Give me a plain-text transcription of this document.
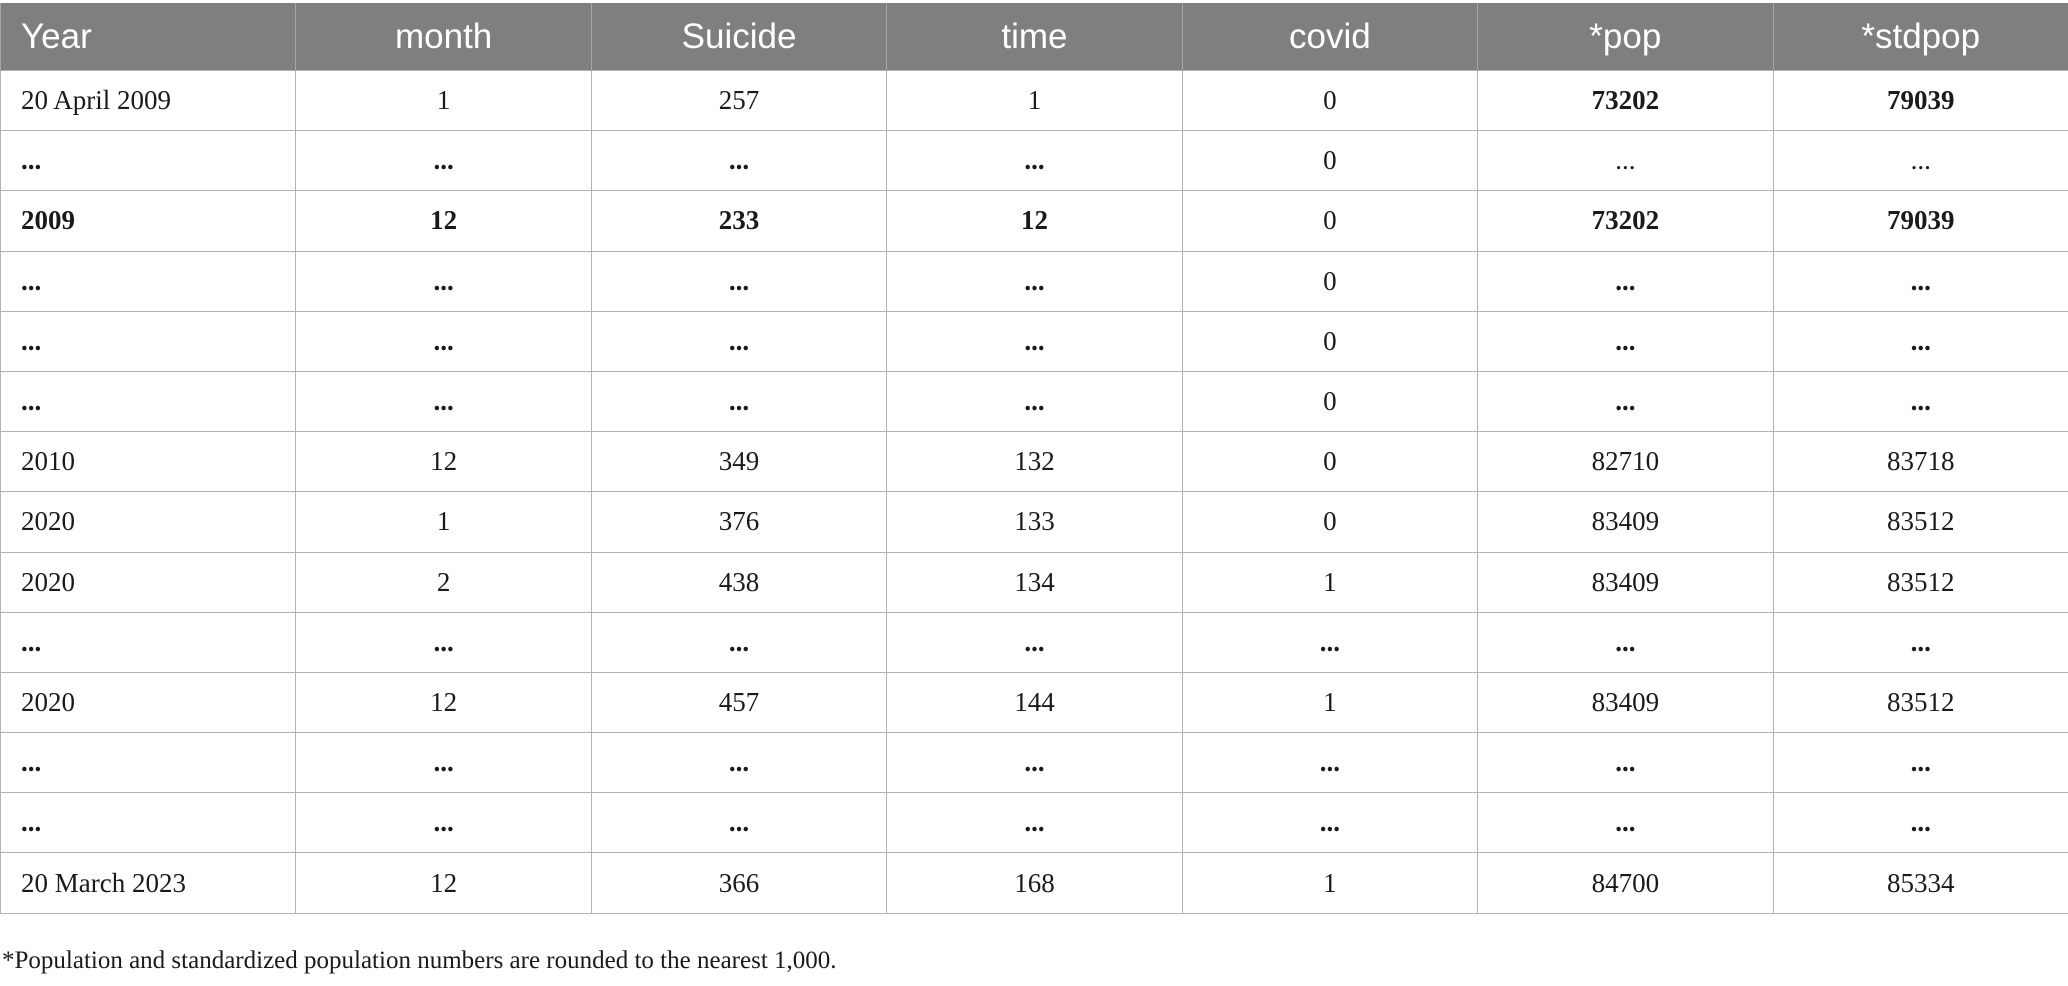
Year	month	Suicide	time	covid	*pop	*stdpop
20 April 2009	1	257	1	0	73202	79039
...	...	...	...	0	...	...
2009	12	233	12	0	73202	79039
...	...	...	...	0	...	...
...	...	...	...	0	...	...
...	...	...	...	0	...	...
2010	12	349	132	0	82710	83718
2020	1	376	133	0	83409	83512
2020	2	438	134	1	83409	83512
...	...	...	...	...	...	...
2020	12	457	144	1	83409	83512
...	...	...	...	...	...	...
...	...	...	...	...	...	...
20 March 2023	12	366	168	1	84700	85334
*Population and standardized population numbers are rounded to the nearest 1,000.
